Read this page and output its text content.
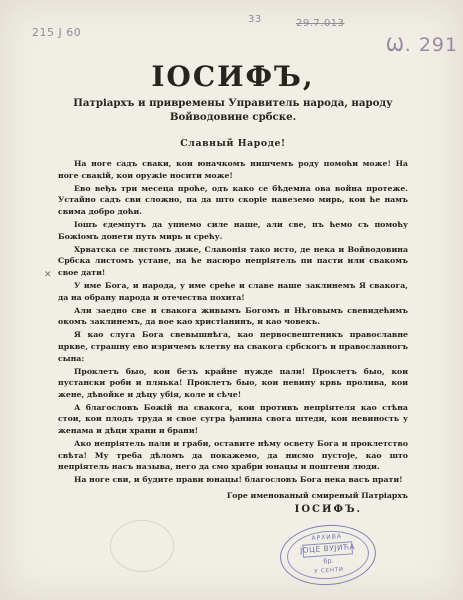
215 Ј 60
33	29.7.013
Ѡ. 291
✕
ІОСИФЪ,
Патріархъ и привремены Управитель народа, народу Войводовине србске.
Славный Народе!

На ноге садъ сваки, кои юначкомъ нишчемъ роду помоћи може! На ноге свакій, кои оружіе носити може!

Ево веђъ три месеца проће, одъ како се бѣдемна ова война протеже. Устайно садъ сви сложно, па да што скорiе навеземо мирь, кои ће намъ свима добро доћи.

Іошъ єдемпутъ да упнемо силе наше, али све, пъ ћемо съ помоћу Божiомъ донети путь мирь и срећу.

Хрватска се листомъ диже, Славонія тако исто, де нека и Войводовина Србска листомъ устане, на ће насюро непріятель пи пасти или свакомъ свое дати!

У име Бога, и народа, у име среће и славе наше заклинемъ Я свакога, да на обрану народа и отечества похита!

Али заедно све и свакога живымъ Богомъ и Нѣговымъ свевидећимъ окомъ заклинемъ, да вое као христіанинъ, и као човекъ.

Я као слуга Бога свевышнѣга, као первосвештеникъ православне цркве, страшну ево изричемъ клетву на свакога србскогъ и православногъ сына:

Проклетъ быо, кои безъ крайне нужде пали! Проклетъ быо, кои пустански роби и пляька! Проклетъ быо, кои невину крвь пролива, кои жене, дѣвойке и дѣцу убія, коле и сѣче!

А благословъ Божій на свакога, кои противъ непріятеля као стѣна стои, кои плодъ труда и свое сугра ђанина свога штеди, кои невиность у женама и дѣци храни и брани!

Ако непрiятель пали и граби, оставите нѣму освету Бога и проклетство свѣта! Му треба дѣломъ да покажемо, да нисмо пустоје, као што непріятель насъ называ, него да смо храбри юнацы и поштени люди.

На ноге сви, и будите прави юнацы! благословъ Бога нека васъ прати!

Горе именованый смиреный Патріархъ
ІОСИФЪ.
АРХИВА
ЈОЦЕ ВУЈИЋА
бр.
У СЕНТИ
